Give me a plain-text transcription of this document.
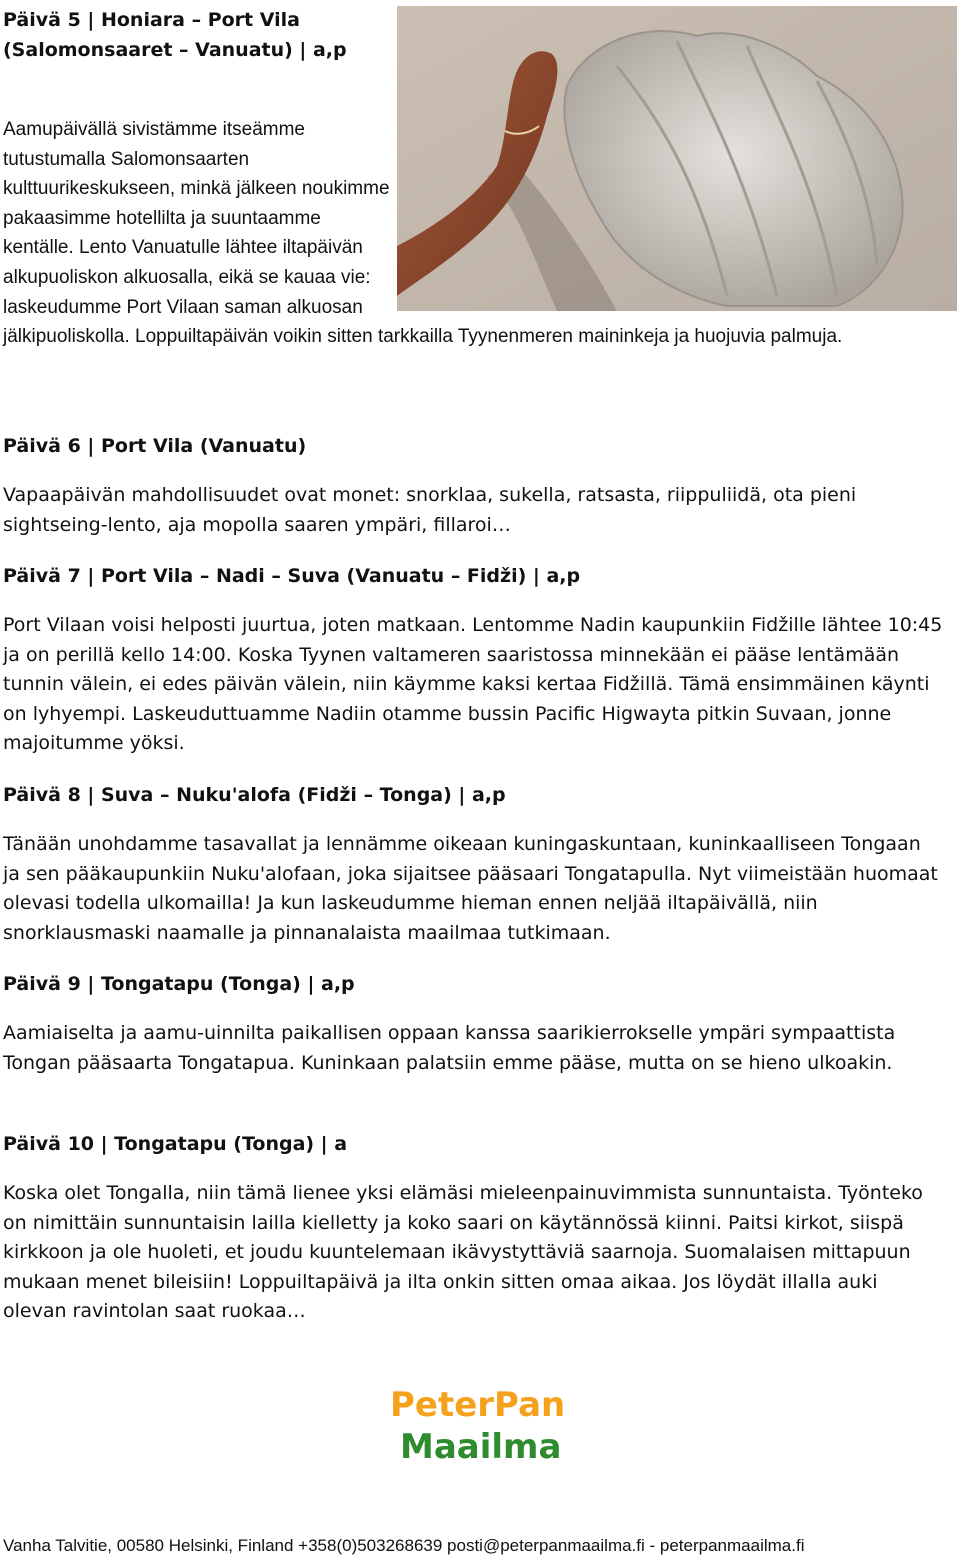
Päivä 5 | Honiara – Port Vila (Salomonsaaret – Vanuatu) | a,p
Aamupäivällä sivistämme itseämme tutustumalla Salomonsaarten kulttuurikeskukseen, minkä jälkeen noukimme pakaasimme hotellilta ja suuntaamme kentälle. Lento Vanuatulle lähtee iltapäivän alkupuoliskon alkuosalla, eikä se kauaa vie: laskeudumme Port Vilaan saman alkuosan jälkipuoliskolla. Loppuiltapäivän voikin sitten tarkkailla Tyynenmeren maininkeja ja huojuvia palmuja.
Päivä 6 | Port Vila (Vanuatu)

Vapaapäivän mahdollisuudet ovat monet: snorklaa, sukella, ratsasta, riippuliidä, ota pieni sightseing-lento, aja mopolla saaren ympäri, fillaroi…

Päivä 7 | Port Vila – Nadi – Suva (Vanuatu – Fidži) | a,p

Port Vilaan voisi helposti juurtua, joten matkaan. Lentomme Nadin kaupunkiin Fidžille lähtee 10:45 ja on perillä kello 14:00. Koska Tyynen valtameren saaristossa minnekään ei pääse lentämään tunnin välein, ei edes päivän välein, niin käymme kaksi kertaa Fidžillä. Tämä ensimmäinen käynti on lyhyempi. Laskeuduttuamme Nadiin otamme bussin Pacific Higwayta pitkin Suvaan, jonne majoitumme yöksi.

Päivä 8 | Suva – Nuku'alofa (Fidži – Tonga) | a,p

Tänään unohdamme tasavallat ja lennämme oikeaan kuningaskuntaan, kuninkaalliseen Tongaan ja sen pääkaupunkiin Nuku'alofaan, joka sijaitsee pääsaari Tongatapulla. Nyt viimeistään huomaat olevasi todella ulkomailla! Ja kun laskeudumme hieman ennen neljää iltapäivällä, niin snorklausmaski naamalle ja pinnanalaista maailmaa tutkimaan.

Päivä 9 | Tongatapu (Tonga) | a,p

Aamiaiselta ja aamu-uinnilta paikallisen oppaan kanssa saarikierrokselle ympäri sympaattista Tongan pääsaarta Tongatapua. Kuninkaan palatsiin emme pääse, mutta on se hieno ulkoakin.

Päivä 10 | Tongatapu (Tonga) | a

Koska olet Tongalla, niin tämä lienee yksi elämäsi mieleenpainuvimmista sunnuntaista. Työnteko on nimittäin sunnuntaisin lailla kielletty ja koko saari on käytännössä kiinni. Paitsi kirkot, siispä kirkkoon ja ole huoleti, et joudu kuuntelemaan ikävystyttäviä saarnoja. Suomalaisen mittapuun mukaan menet bileisiin! Loppuiltapäivä ja ilta onkin sitten omaa aikaa. Jos löydät illalla auki olevan ravintolan saat ruokaa…

PeterPan
Maailma
Vanha Talvitie, 00580 Helsinki, Finland +358(0)503268639 posti@peterpanmaailma.fi - peterpanmaailma.fi
